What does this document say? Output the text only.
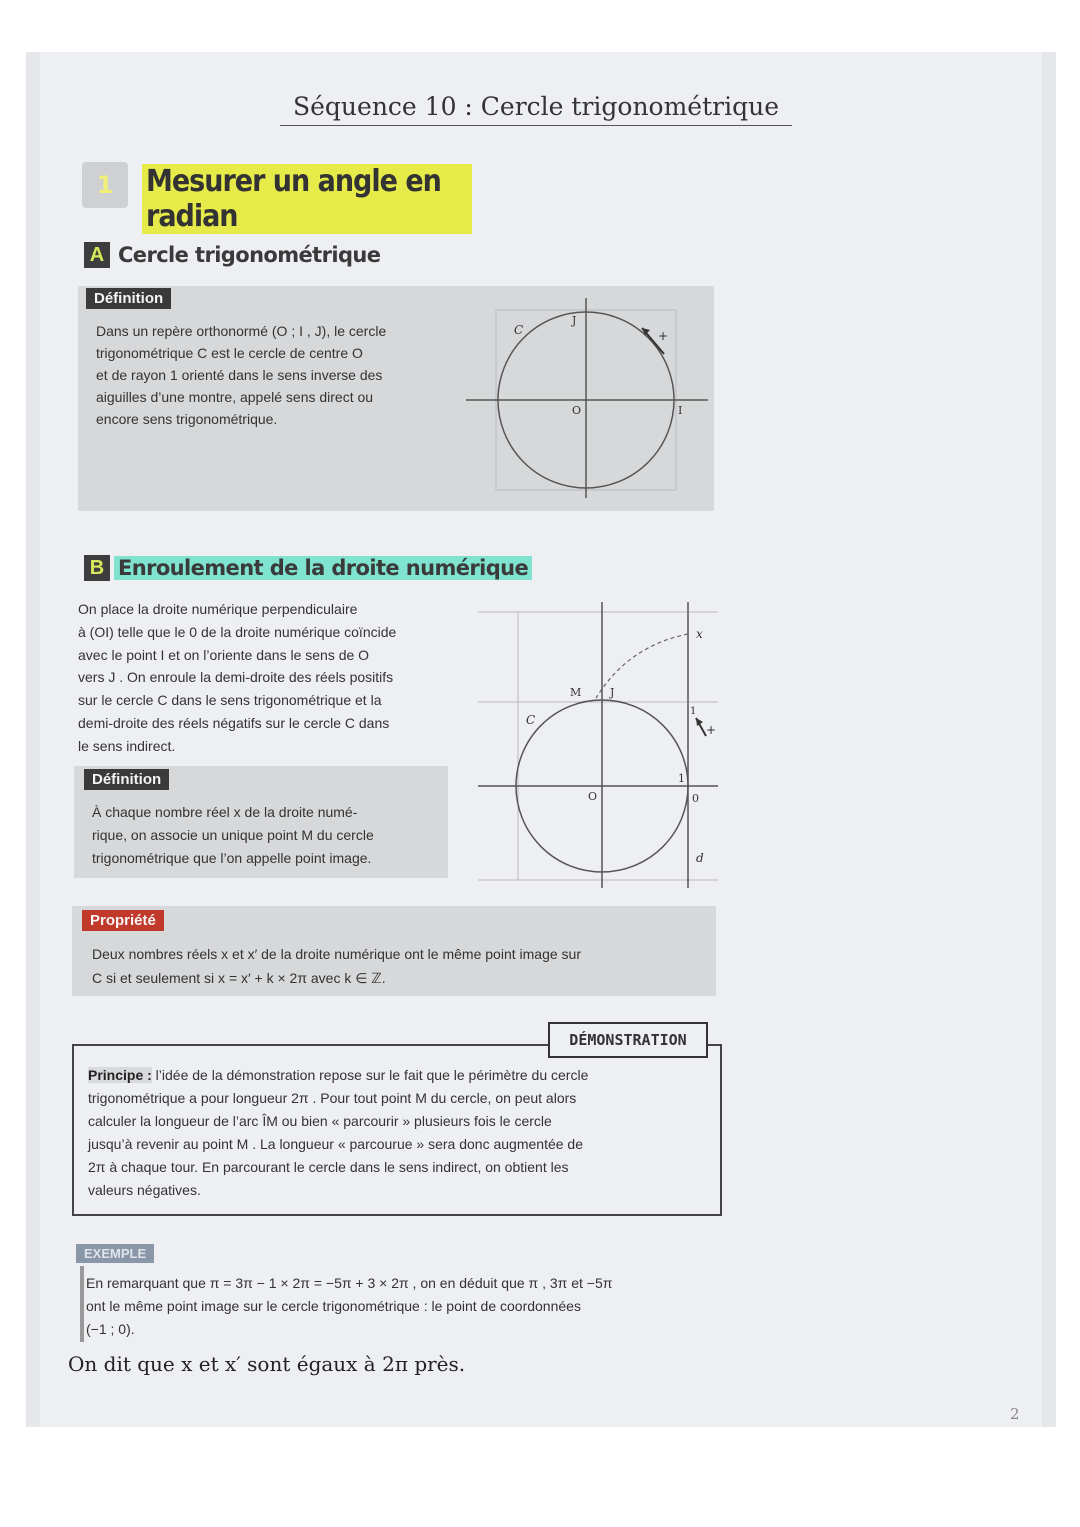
Séquence 10 : Cercle trigonométrique
1	Mesurer un angle en radian
A Cercle trigonométrique
Définition
Dans un repère orthonormé (O ; I , J), le cercle
trigonométrique C est le cercle de centre O
et de rayon 1 orienté dans le sens inverse des
aiguilles d’une montre, appelé sens direct ou
encore sens trigonométrique.
C
J
O	I
+
B Enroulement de la droite numérique
On place la droite numérique perpendiculaire
à (OI) telle que le 0 de la droite numérique coïncide
avec le point I et on l’oriente dans le sens de O
vers J . On enroule la demi-droite des réels positifs
sur le cercle C dans le sens trigonométrique et la
demi-droite des réels négatifs sur le cercle C dans
le sens indirect.
Définition
À chaque nombre réel x de la droite numé-
rique, on associe un unique point M du cercle
trigonométrique que l’on appelle point image.
x
M	J
C
1
+
1
O	0
d
Propriété
Deux nombres réels x et x′ de la droite numérique ont le même point image sur
C si et seulement si x = x′ + k × 2π avec k ∈ ℤ.
DÉMONSTRATION
Principe : l’idée de la démonstration repose sur le fait que le périmètre du cercle
trigonométrique a pour longueur 2π . Pour tout point M du cercle, on peut alors
calculer la longueur de l’arc ÎM ou bien « parcourir » plusieurs fois le cercle
jusqu’à revenir au point M . La longueur « parcourue » sera donc augmentée de
2π à chaque tour. En parcourant le cercle dans le sens indirect, on obtient les
valeurs négatives.
EXEMPLE
En remarquant que π = 3π − 1 × 2π = −5π + 3 × 2π , on en déduit que π , 3π et −5π
ont le même point image sur le cercle trigonométrique : le point de coordonnées
(−1 ; 0).
On dit que x et x′ sont égaux à 2π près.
2
